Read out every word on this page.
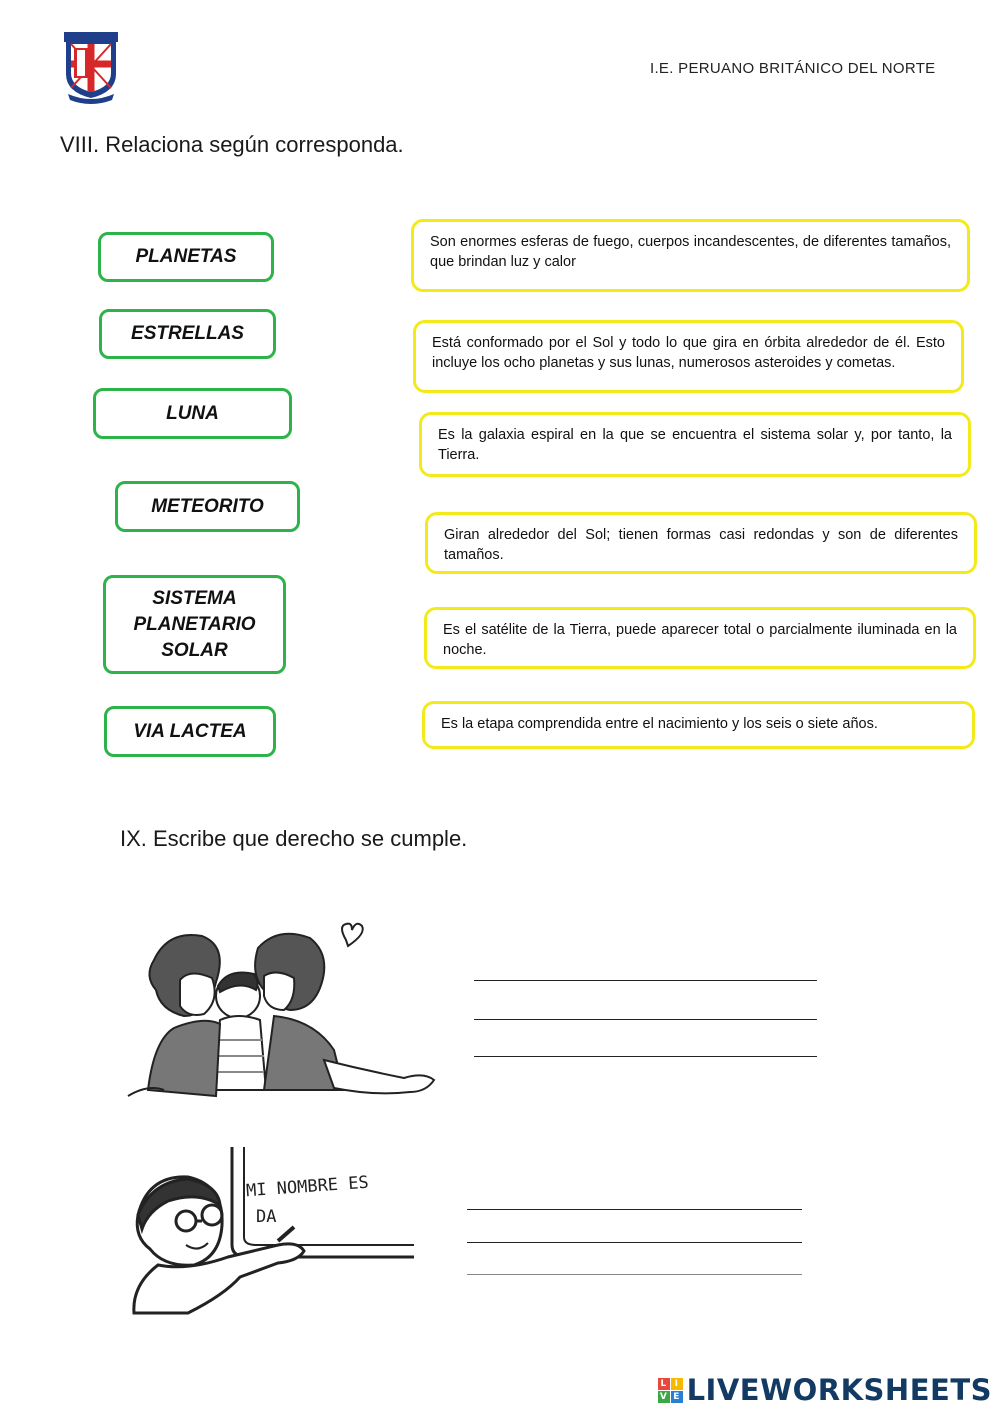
I.E. PERUANO BRITÁNICO DEL NORTE
VIII. Relaciona según corresponda.
PLANETAS
ESTRELLAS
LUNA
METEORITO
SISTEMA
PLANETARIO
SOLAR
VIA LACTEA
Son enormes esferas de fuego, cuerpos incandescentes, de diferentes tamaños, que brindan luz y calor
Está conformado por el Sol y todo lo que gira en órbita alrededor de él. Esto incluye los ocho planetas y sus lunas, numerosos asteroides y cometas.
Es la galaxia espiral en la que se encuentra el sistema solar y, por tanto, la Tierra.
Giran alrededor del Sol; tienen formas casi redondas y son de diferentes tamaños.
Es el satélite de la Tierra, puede aparecer total o parcialmente iluminada en la noche.
Es la etapa comprendida entre el nacimiento y los seis o siete años.
IX. Escribe que derecho se cumple.
MI NOMBRE ES
DA
L I
V E LIVEWORKSHEETS
